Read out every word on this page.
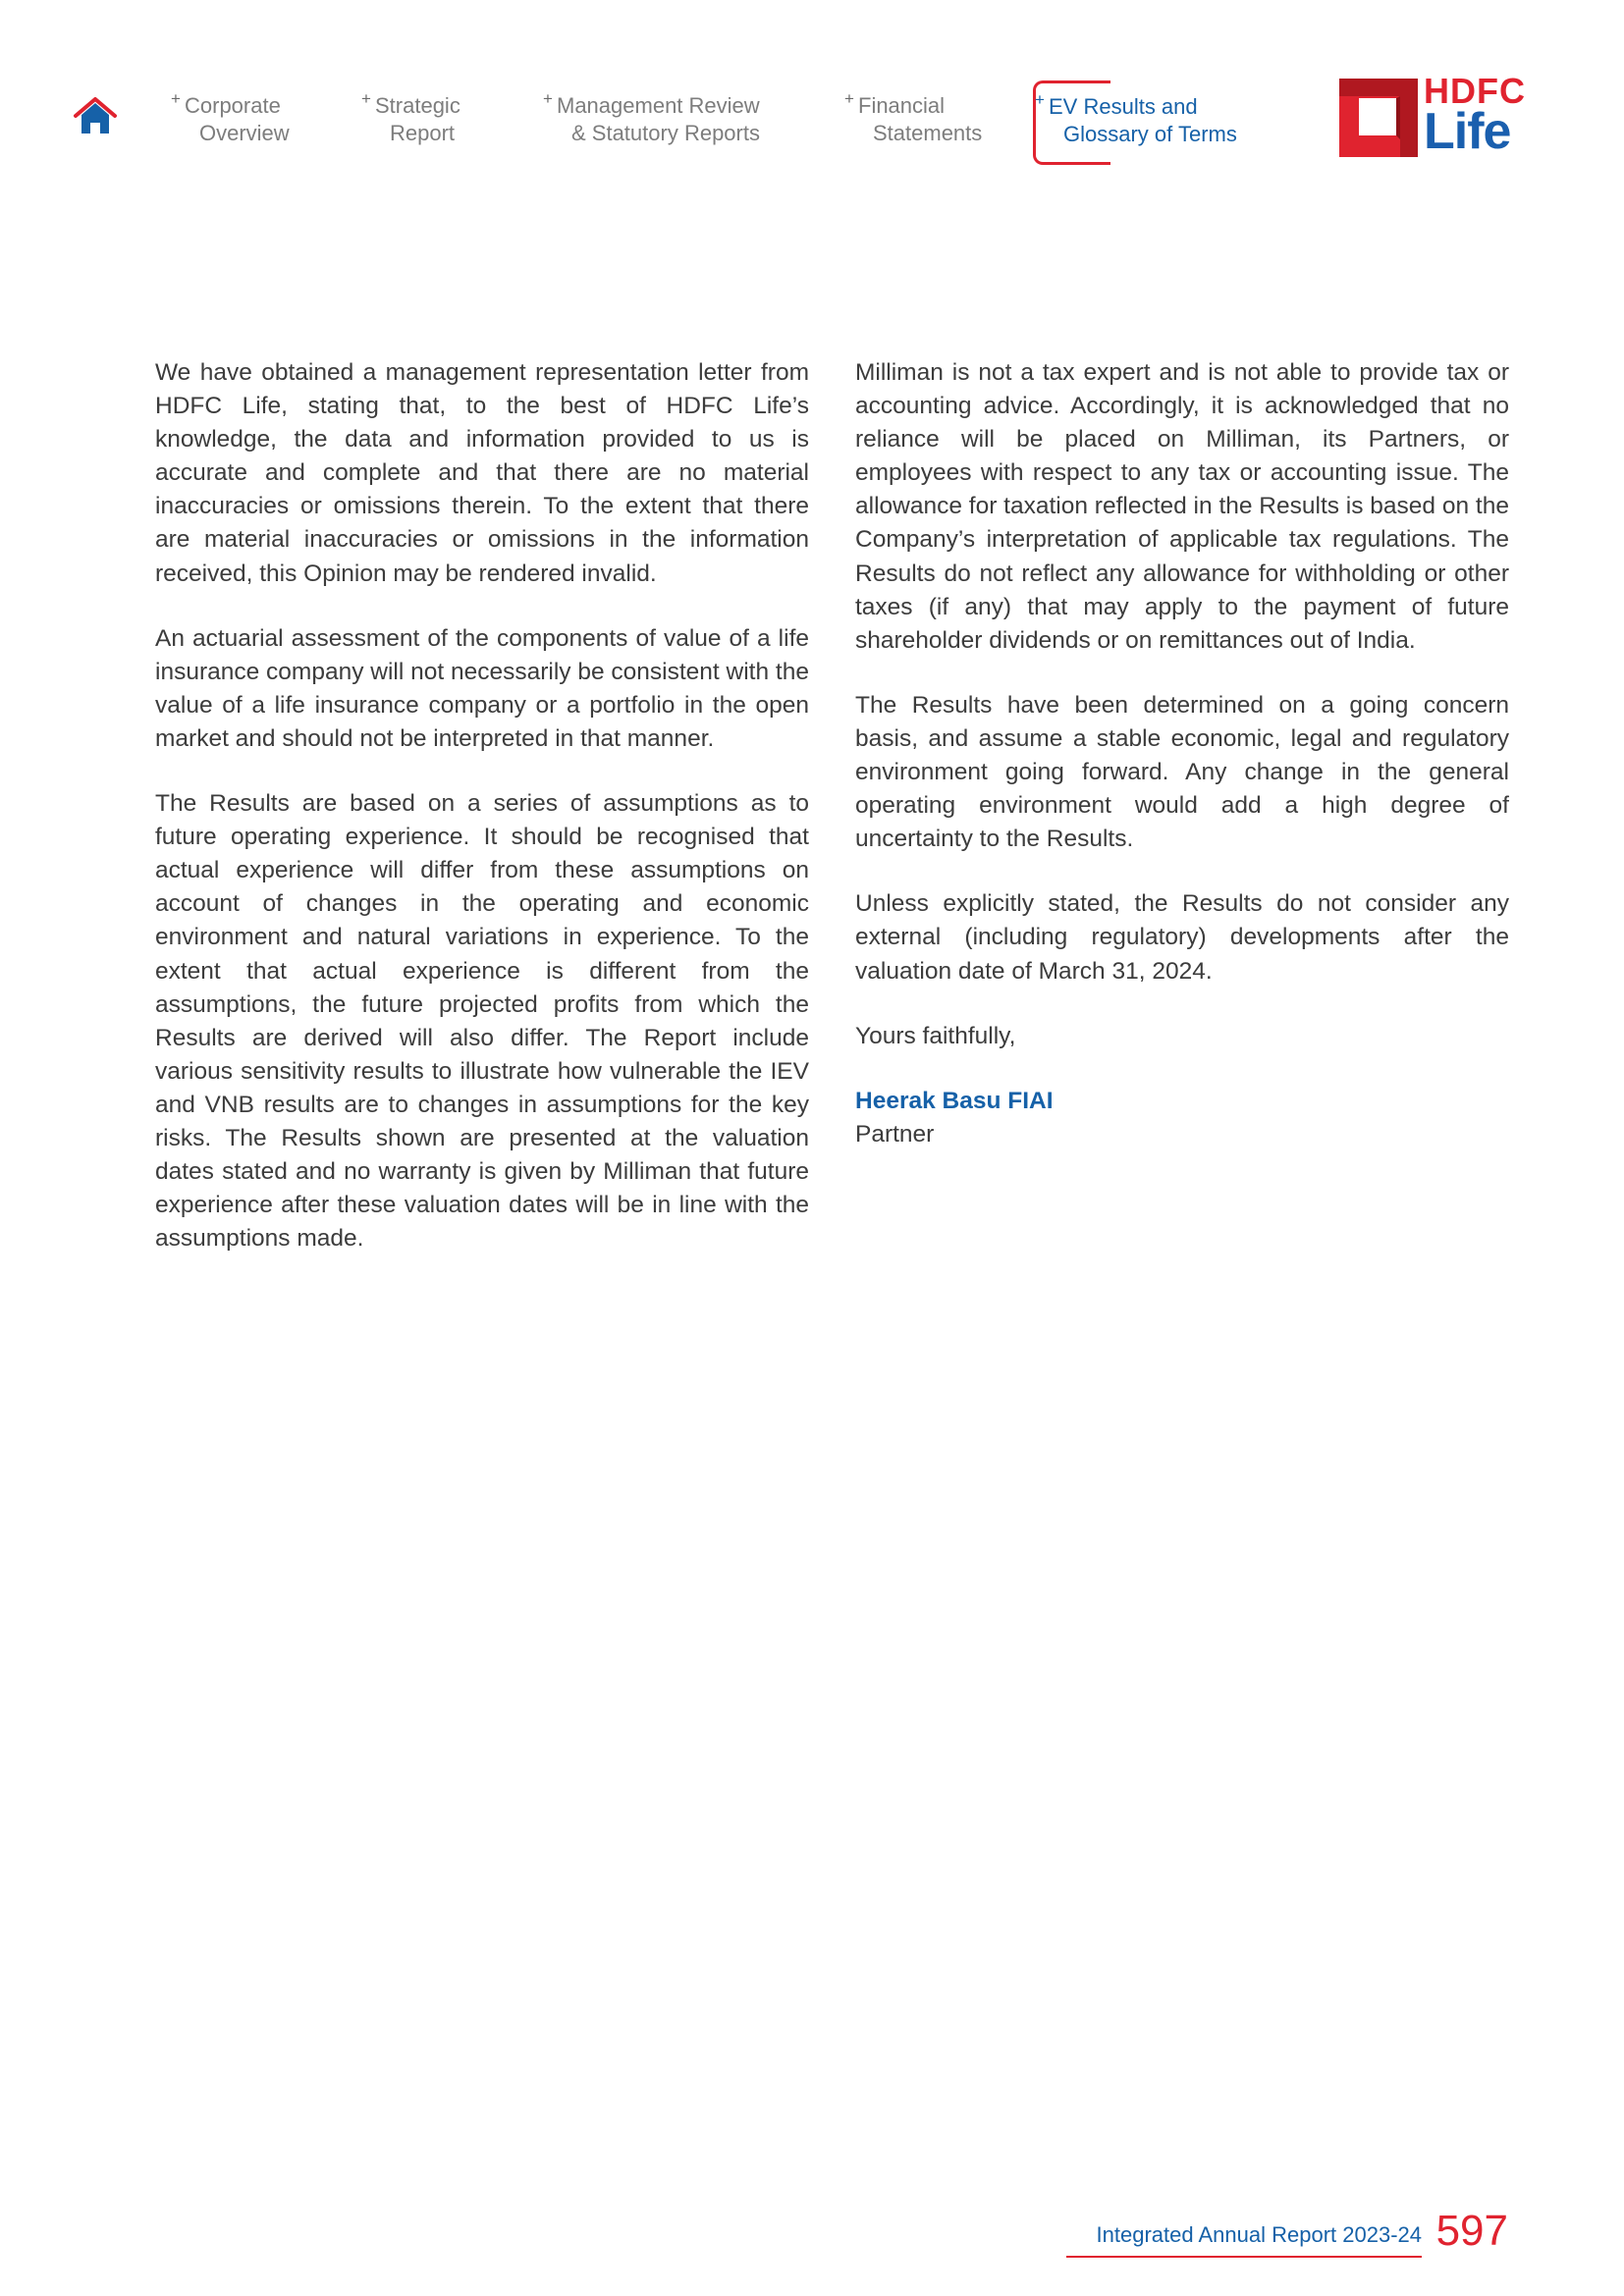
+ Corporate
Overview
+ Strategic
Report
+ Management Review
& Statutory Reports
+ Financial
Statements
+ EV Results and
Glossary of Terms
HDFC
Life

We have obtained a management representation letter from HDFC Life, stating that, to the best of HDFC Life’s knowledge, the data and information provided to us is accurate and complete and that there are no material inaccuracies or omissions therein. To the extent that there are material inaccuracies or omissions in the information received, this Opinion may be rendered invalid.

An actuarial assessment of the components of value of a life insurance company will not necessarily be consistent with the value of a life insurance company or a portfolio in the open market and should not be interpreted in that manner.

The Results are based on a series of assumptions as to future operating experience. It should be recognised that actual experience will differ from these assumptions on account of changes in the operating and economic environment and natural variations in experience. To the extent that actual experience is different from the assumptions, the future projected profits from which the Results are derived will also differ. The Report include various sensitivity results to illustrate how vulnerable the IEV and VNB results are to changes in assumptions for the key risks. The Results shown are presented at the valuation dates stated and no warranty is given by Milliman that future experience after these valuation dates will be in line with the assumptions made.

Milliman is not a tax expert and is not able to provide tax or accounting advice. Accordingly, it is acknowledged that no reliance will be placed on Milliman, its Partners, or employees with respect to any tax or accounting issue. The allowance for taxation reflected in the Results is based on the Company’s interpretation of applicable tax regulations. The Results do not reflect any allowance for withholding or other taxes (if any) that may apply to the payment of future shareholder dividends or on remittances out of India.

The Results have been determined on a going concern basis, and assume a stable economic, legal and regulatory environment going forward. Any change in the general operating environment would add a high degree of uncertainty to the Results.

Unless explicitly stated, the Results do not consider any external (including regulatory) developments after the valuation date of March 31, 2024.

Yours faithfully,

Heerak Basu FIAI
Partner
Integrated Annual Report 2023-24 597
